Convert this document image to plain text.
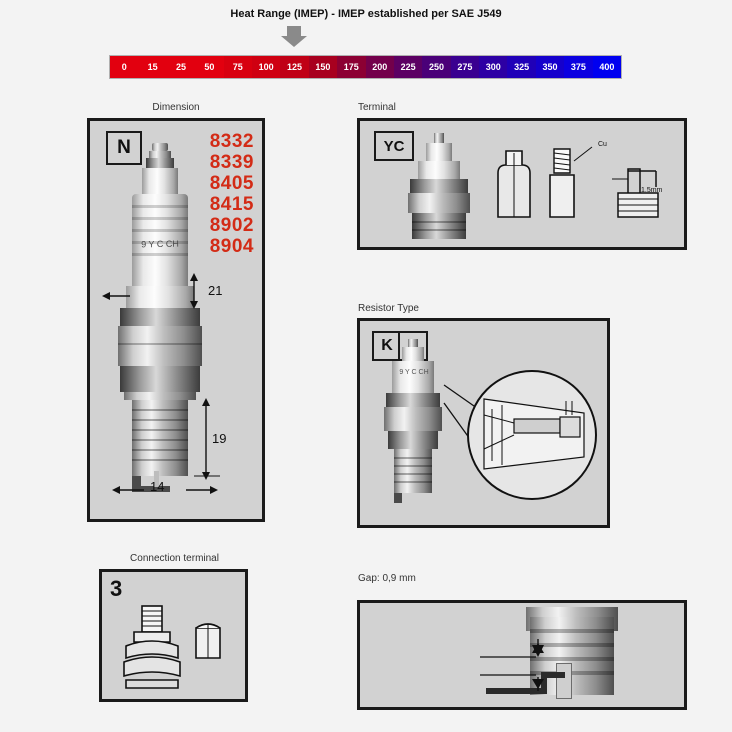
Heat Range (IMEP) - IMEP established per SAE J549
0	15	25	50	75	100	125	150	175	200	225	250	275	300	325	350	375	400
Dimension
N	8332
8339
8405
8415
8902
8904
9 Y C CH
21
19
14
Terminal
YC	Cu
1.5mm
Resistor Type
K
9 Y C CH
Connection terminal
3	Gap: 0,9 mm
